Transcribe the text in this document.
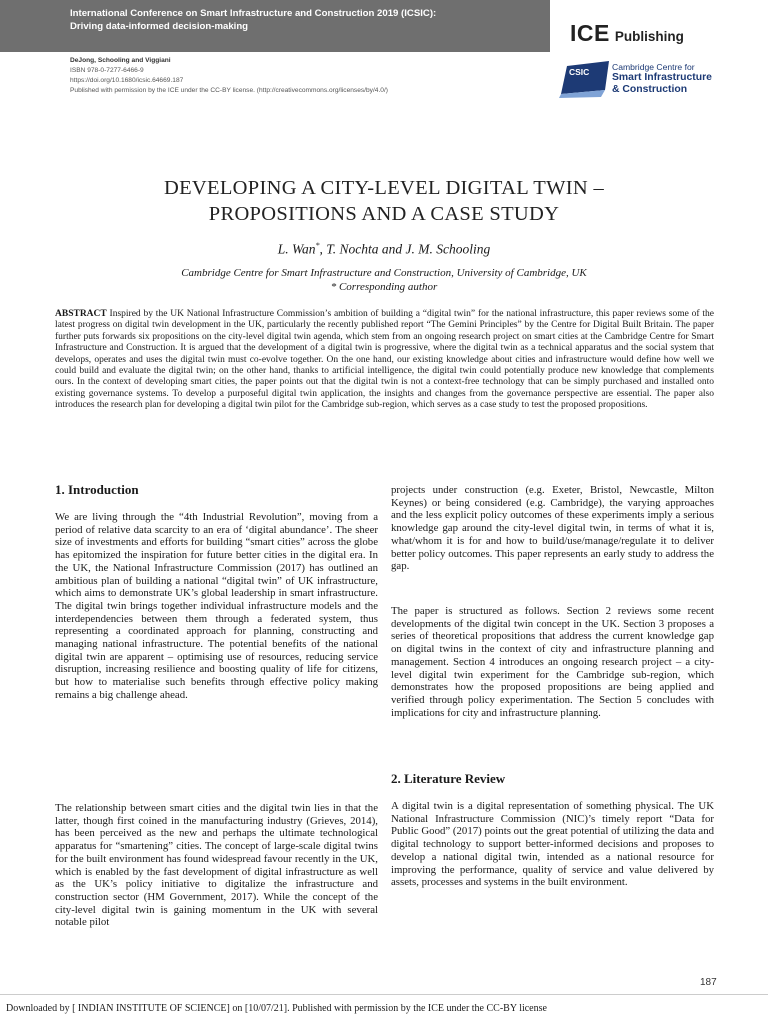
International Conference on Smart Infrastructure and Construction 2019 (ICSIC):
Driving data-informed decision-making	ICE Publishing
DeJong, Schooling and Viggiani
ISBN 978-0-7277-6466-9
https://doi.org/10.1680/icsic.64669.187
Published with permission by the ICE under the CC-BY license. (http://creativecommons.org/licenses/by/4.0/)
CSIC	Cambridge Centre for
Smart Infrastructure
& Construction
DEVELOPING A CITY-LEVEL DIGITAL TWIN –
PROPOSITIONS AND A CASE STUDY
L. Wan*, T. Nochta and J. M. Schooling
Cambridge Centre for Smart Infrastructure and Construction, University of Cambridge, UK
* Corresponding author
ABSTRACT Inspired by the UK National Infrastructure Commission’s ambition of building a “digital twin” for the national infrastructure, this paper reviews some of the latest progress on digital twin development in the UK, particularly the recently published report “The Gemini Principles” by the Centre for Digital Built Britain. The paper further puts forwards six propositions on the city-level digital twin agenda, which stem from an ongoing research project on smart cities at the Cambridge Centre for Smart Infrastructure and Construction. It is argued that the development of a digital twin is progressive, where the digital twin as a technical apparatus and the social system that develops, operates and uses the digital twin must co-evolve together. On the one hand, our existing knowledge about cities and infrastructure would define how well we could build and evaluate the digital twin; on the other hand, thanks to artificial intelligence, the digital twin could potentially produce new knowledge that complements ours. In the context of developing smart cities, the paper points out that the digital twin is not a context-free technology that can be simply purchased and installed onto existing governance systems. To develop a purposeful digital twin application, the insights and changes from the governance perspective are essential. The paper also introduces the research plan for developing a digital twin pilot for the Cambridge sub-region, which serves as a case study to test the proposed propositions.
1. Introduction
We are living through the “4th Industrial Revolution”, moving from a period of relative data scarcity to an era of ‘digital abundance’. The sheer size of investments and efforts for building “smart cities” across the globe has epitomized the inspiration for future better cities in the digital era. In the UK, the National Infrastructure Commission (2017) has outlined an ambitious plan of building a national “digital twin” of UK infrastructure, which aims to demonstrate UK’s global leadership in smart infrastructure. The digital twin brings together individual infrastructure models and the interdependencies between them through a federated system, thus representing a coordinated approach for planning, constructing and managing national infrastructure. The potential benefits of the national digital twin are apparent – optimising use of resources, reducing service disruption, increasing resilience and boosting quality of life for citizens, but how to materialise such benefits through effective policy making remains a big challenge ahead.
The relationship between smart cities and the digital twin lies in that the latter, though first coined in the manufacturing industry (Grieves, 2014), has been perceived as the new and perhaps the ultimate technological apparatus for “smartening” cities. The concept of large-scale digital twins for the built environment has found widespread favour recently in the UK, which is enabled by the fast development of digital infrastructure as well as the UK’s policy initiative to digitalize the infrastructure and construction sector (HM Government, 2017). While the concept of the city-level digital twin is gaining momentum in the UK with several notable pilot
projects under construction (e.g. Exeter, Bristol, Newcastle, Milton Keynes) or being considered (e.g. Cambridge), the varying approaches and the less explicit policy outcomes of these experiments imply a serious knowledge gap around the city-level digital twin, in terms of what it is, what/whom it is for and how to build/use/manage/regulate it to deliver better policy outcomes. This paper represents an early study to address the gap.
The paper is structured as follows. Section 2 reviews some recent developments of the digital twin concept in the UK. Section 3 proposes a series of theoretical propositions that address the current knowledge gap on digital twins in the context of city and infrastructure planning and management. Section 4 introduces an ongoing research project – a city-level digital twin experiment for the Cambridge sub-region, which demonstrates how the proposed propositions are being applied and verified through policy experimentation. The Section 5 concludes with implications for city and infrastructure planning.
2. Literature Review
A digital twin is a digital representation of something physical. The UK National Infrastructure Commission (NIC)’s timely report “Data for Public Good” (2017) points out the great potential of utilizing the data and digital technology to support better-informed decisions and proposes to develop a national digital twin, intended as a national resource for improving the performance, quality of service and value delivered by assets, processes and systems in the built environment.
187
Downloaded by [ INDIAN INSTITUTE OF SCIENCE] on [10/07/21]. Published with permission by the ICE under the CC-BY license
